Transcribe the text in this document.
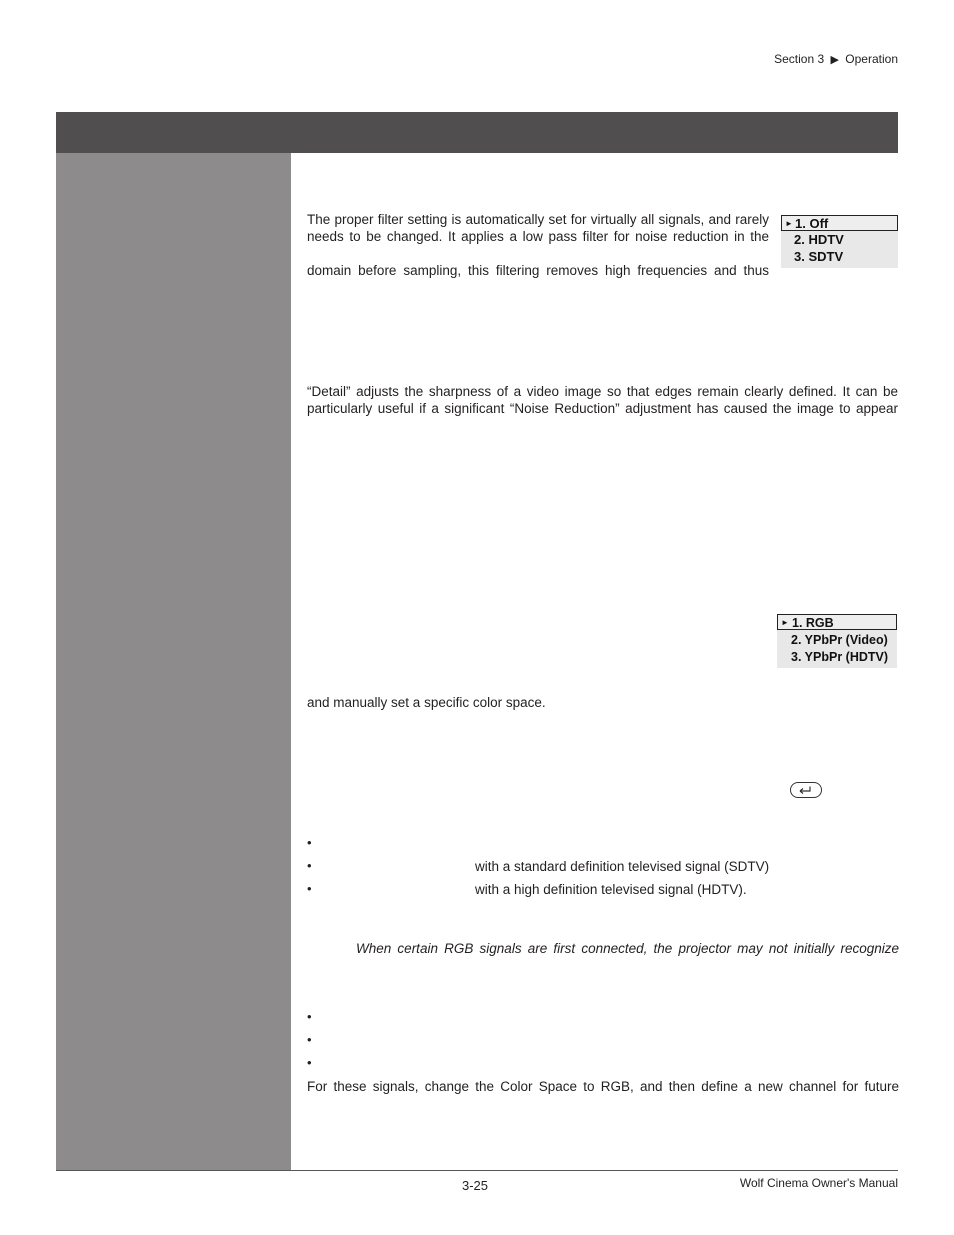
Section 3 ▶ Operation
The proper filter setting is automatically set for virtually all signals, and rarely
needs to be changed. It applies a low pass filter for noise reduction in the
domain before sampling, this filtering removes high frequencies and thus
► 1. Off
2. HDTV
3. SDTV
“Detail” adjusts the sharpness of a video image so that edges remain clearly defined. It can be
particularly useful if a significant “Noise Reduction” adjustment has caused the image to appear
► 1. RGB
2. YPbPr (Video)
3. YPbPr (HDTV)
and manually set a specific color space.
•
•	with a standard definition televised signal (SDTV)
•	with a high definition televised signal (HDTV).
When certain RGB signals are first connected, the projector may not initially recognize
•
•
•
For these signals, change the Color Space to RGB, and then define a new channel for future
3-25	Wolf Cinema Owner's Manual
